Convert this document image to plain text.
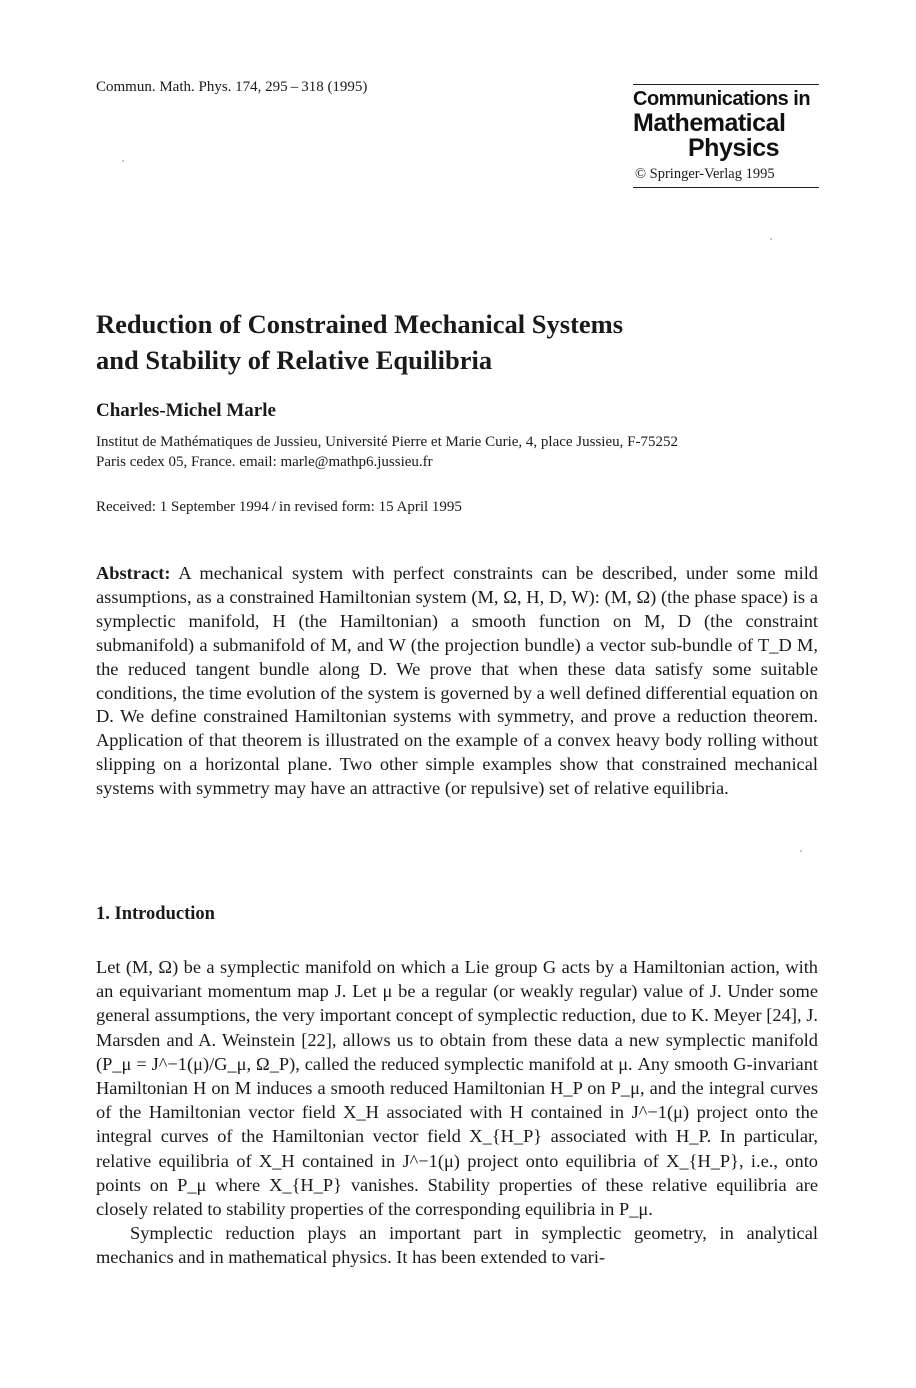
Commun. Math. Phys. 174, 295 – 318 (1995)
Communications in
Mathematical
Physics
© Springer-Verlag 1995
Reduction of Constrained Mechanical Systems
and Stability of Relative Equilibria
Charles-Michel Marle
Institut de Mathématiques de Jussieu, Université Pierre et Marie Curie, 4, place Jussieu, F-75252
Paris cedex 05, France. email: marle@mathp6.jussieu.fr
Received: 1 September 1994 / in revised form: 15 April 1995

Abstract: A mechanical system with perfect constraints can be described, under some mild assumptions, as a constrained Hamiltonian system (M, Ω, H, D, W): (M, Ω) (the phase space) is a symplectic manifold, H (the Hamiltonian) a smooth function on M, D (the constraint submanifold) a submanifold of M, and W (the projection bundle) a vector sub-bundle of T_D M, the reduced tangent bundle along D. We prove that when these data satisfy some suitable conditions, the time evolution of the system is governed by a well defined differential equation on D. We define constrained Hamiltonian systems with symmetry, and prove a reduction theorem. Application of that theorem is illustrated on the example of a convex heavy body rolling without slipping on a horizontal plane. Two other simple examples show that constrained mechanical systems with symmetry may have an attractive (or repulsive) set of relative equilibria.

1. Introduction

Let (M, Ω) be a symplectic manifold on which a Lie group G acts by a Hamiltonian action, with an equivariant momentum map J. Let μ be a regular (or weakly regular) value of J. Under some general assumptions, the very important concept of symplectic reduction, due to K. Meyer [24], J. Marsden and A. Weinstein [22], allows us to obtain from these data a new symplectic manifold (P_μ = J^−1(μ)/G_μ, Ω_P), called the reduced symplectic manifold at μ. Any smooth G-invariant Hamiltonian H on M induces a smooth reduced Hamiltonian H_P on P_μ, and the integral curves of the Hamiltonian vector field X_H associated with H contained in J^−1(μ) project onto the integral curves of the Hamiltonian vector field X_{H_P} associated with H_P. In particular, relative equilibria of X_H contained in J^−1(μ) project onto equilibria of X_{H_P}, i.e., onto points on P_μ where X_{H_P} vanishes. Stability properties of these relative equilibria are closely related to stability properties of the corresponding equilibria in P_μ.

Symplectic reduction plays an important part in symplectic geometry, in analytical mechanics and in mathematical physics. It has been extended to vari-
